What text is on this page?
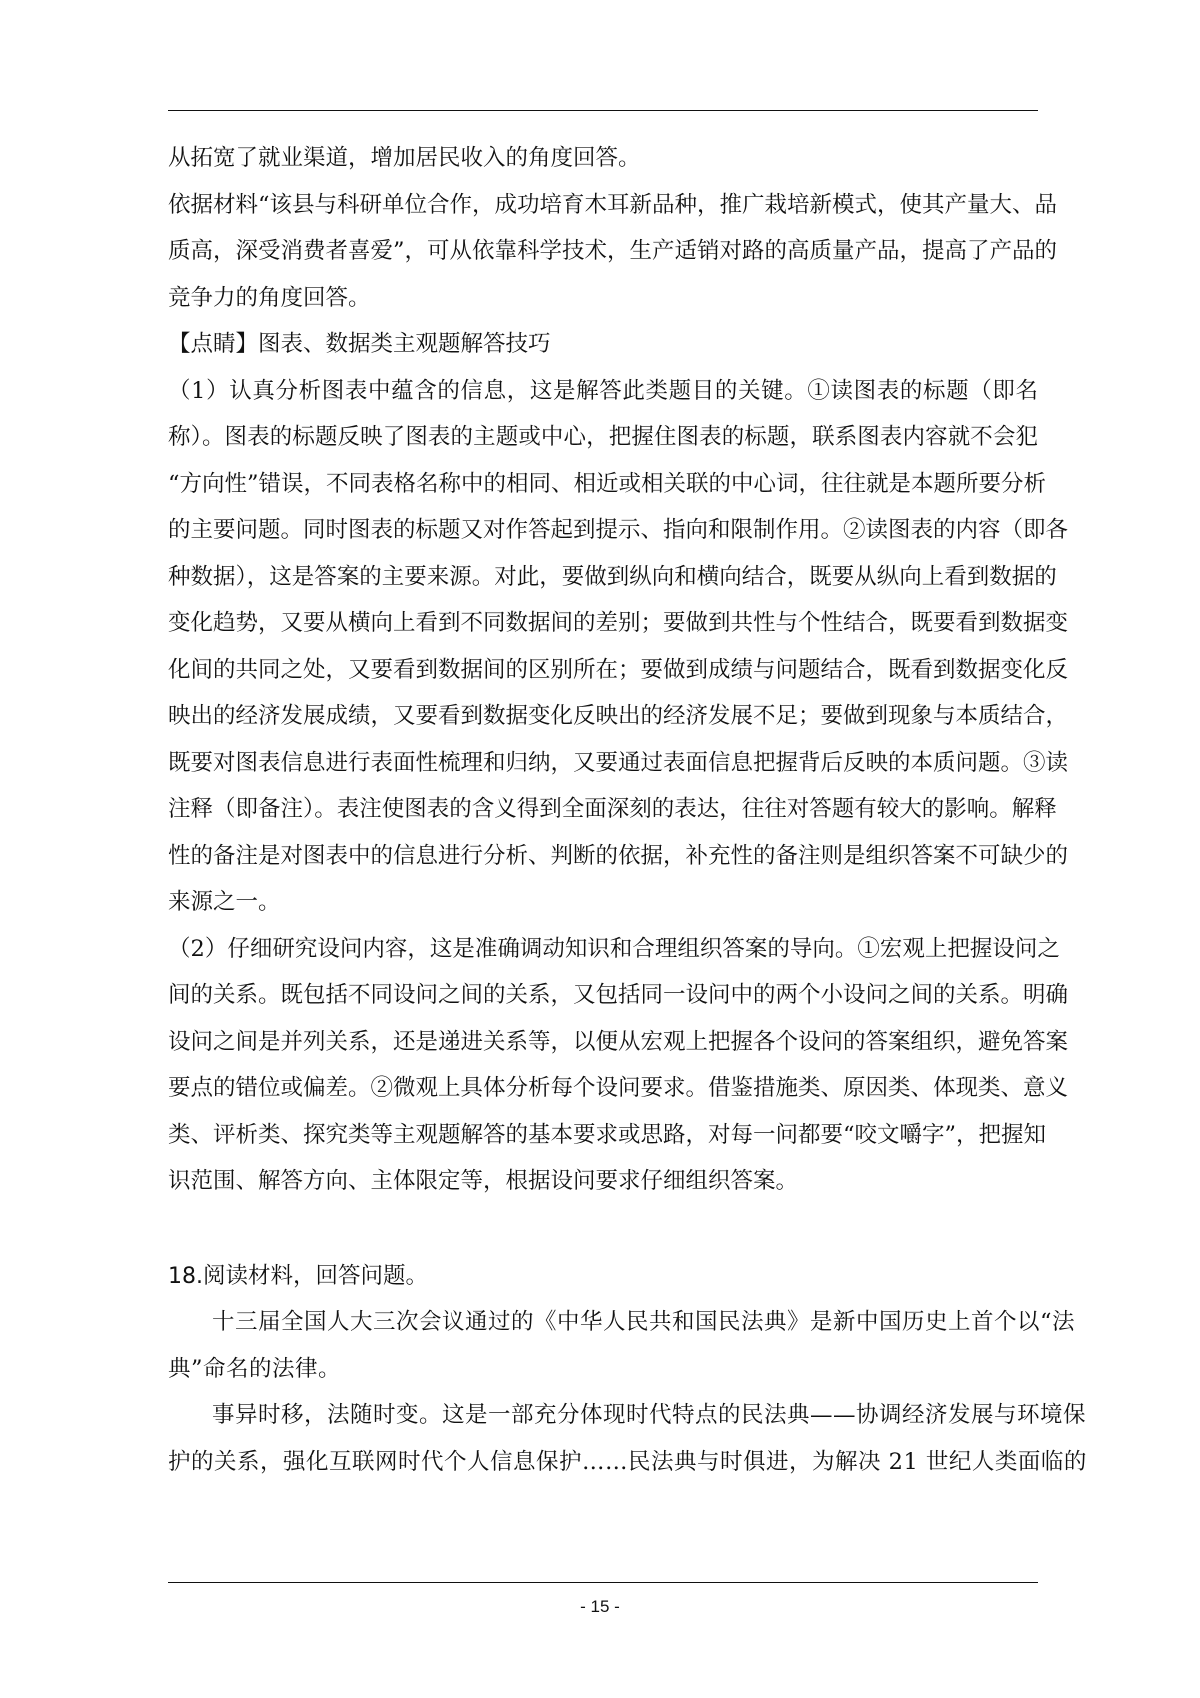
从拓宽了就业渠道，增加居民收入的角度回答。
依据材料“该县与科研单位合作，成功培育木耳新品种，推广栽培新模式，使其产量大、品
质高，深受消费者喜爱”，可从依靠科学技术，生产适销对路的高质量产品，提高了产品的
竞争力的角度回答。
【点睛】图表、数据类主观题解答技巧
（1）认真分析图表中蕴含的信息，这是解答此类题目的关键。①读图表的标题（即名
称）。图表的标题反映了图表的主题或中心，把握住图表的标题，联系图表内容就不会犯
“方向性”错误，不同表格名称中的相同、相近或相关联的中心词，往往就是本题所要分析
的主要问题。同时图表的标题又对作答起到提示、指向和限制作用。②读图表的内容（即各
种数据），这是答案的主要来源。对此，要做到纵向和横向结合，既要从纵向上看到数据的
变化趋势，又要从横向上看到不同数据间的差别；要做到共性与个性结合，既要看到数据变
化间的共同之处，又要看到数据间的区别所在；要做到成绩与问题结合，既看到数据变化反
映出的经济发展成绩，又要看到数据变化反映出的经济发展不足；要做到现象与本质结合，
既要对图表信息进行表面性梳理和归纳，又要通过表面信息把握背后反映的本质问题。③读
注释（即备注）。表注使图表的含义得到全面深刻的表达，往往对答题有较大的影响。解释
性的备注是对图表中的信息进行分析、判断的依据，补充性的备注则是组织答案不可缺少的
来源之一。
（2）仔细研究设问内容，这是准确调动知识和合理组织答案的导向。①宏观上把握设问之
间的关系。既包括不同设问之间的关系，又包括同一设问中的两个小设问之间的关系。明确
设问之间是并列关系，还是递进关系等，以便从宏观上把握各个设问的答案组织，避免答案
要点的错位或偏差。②微观上具体分析每个设问要求。借鉴措施类、原因类、体现类、意义
类、评析类、探究类等主观题解答的基本要求或思路，对每一问都要“咬文嚼字”，把握知
识范围、解答方向、主体限定等，根据设问要求仔细组织答案。
18.阅读材料，回答问题。
十三届全国人大三次会议通过的《中华人民共和国民法典》是新中国历史上首个以“法
典”命名的法律。
事异时移，法随时变。这是一部充分体现时代特点的民法典——协调经济发展与环境保
护的关系，强化互联网时代个人信息保护……民法典与时俱进，为解决 21 世纪人类面临的
- 15 -
